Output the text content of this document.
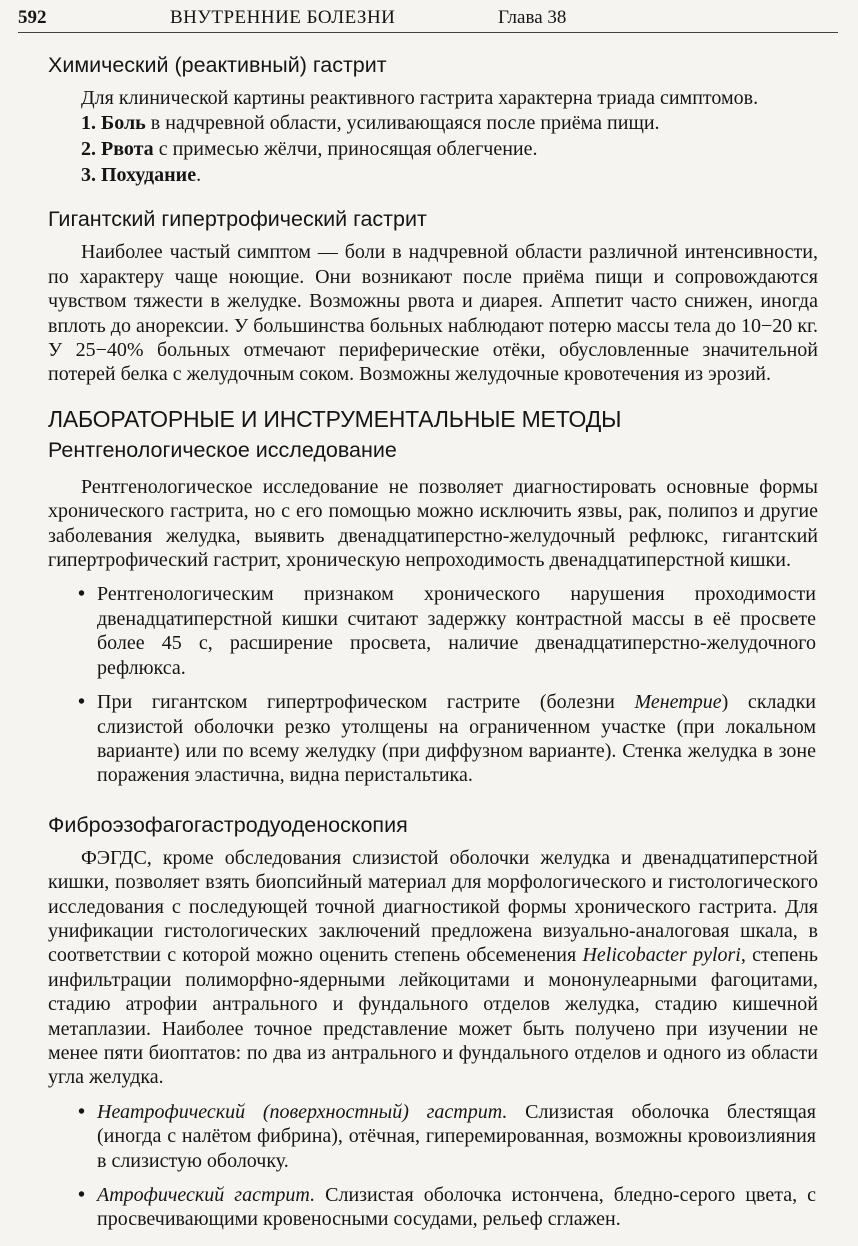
592	ВНУТРЕННИЕ БОЛЕЗНИ	Глава 38
Химический (реактивный) гастрит

Для клинической картины реактивного гастрита характерна триада симптомов.

1. Боль в надчревной области, усиливающаяся после приёма пищи.
2. Рвота с примесью жёлчи, приносящая облегчение.
3. Похудание.
Гигантский гипертрофический гастрит

Наиболее частый симптом — боли в надчревной области различной интенсивности, по характеру чаще ноющие. Они возникают после приёма пищи и сопровождаются чувством тяжести в желудке. Возможны рвота и диарея. Аппетит часто снижен, иногда вплоть до анорексии. У большинства больных наблюдают потерю массы тела до 10−20 кг. У 25−40% больных отмечают периферические отёки, обусловленные значительной потерей белка с желудочным соком. Возможны желудочные кровотечения из эрозий.

ЛАБОРАТОРНЫЕ И ИНСТРУМЕНТАЛЬНЫЕ МЕТОДЫ
Рентгенологическое исследование

Рентгенологическое исследование не позволяет диагностировать основные формы хронического гастрита, но с его помощью можно исключить язвы, рак, полипоз и другие заболевания желудка, выявить двенадцатиперстно-желудочный рефлюкс, гигантский гипертрофический гастрит, хроническую непроходимость двенадцатиперстной кишки.

• Рентгенологическим признаком хронического нарушения проходимости двенадцатиперстной кишки считают задержку контрастной массы в её просвете более 45 с, расширение просвета, наличие двенадцатиперстно-желудочного рефлюкса.
• При гигантском гипертрофическом гастрите (болезни Менетрие) складки слизистой оболочки резко утолщены на ограниченном участке (при локальном варианте) или по всему желудку (при диффузном варианте). Стенка желудка в зоне поражения эластична, видна перистальтика.
Фиброэзофагогастродуоденоскопия

ФЭГДС, кроме обследования слизистой оболочки желудка и двенадцатиперстной кишки, позволяет взять биопсийный материал для морфологического и гистологического исследования с последующей точной диагностикой формы хронического гастрита. Для унификации гистологических заключений предложена визуально-аналоговая шкала, в соответствии с которой можно оценить степень обсеменения Helicobacter pylori, степень инфильтрации полиморфно-ядерными лейкоцитами и мононулеарными фагоцитами, стадию атрофии антрального и фундального отделов желудка, стадию кишечной метаплазии. Наиболее точное представление может быть получено при изучении не менее пяти биоптатов: по два из антрального и фундального отделов и одного из области угла желудка.

• Неатрофический (поверхностный) гастрит. Слизистая оболочка блестящая (иногда с налётом фибрина), отёчная, гиперемированная, возможны кровоизлияния в слизистую оболочку.
• Атрофический гастрит. Слизистая оболочка истончена, бледно-серого цвета, с просвечивающими кровеносными сосудами, рельеф сглажен.
